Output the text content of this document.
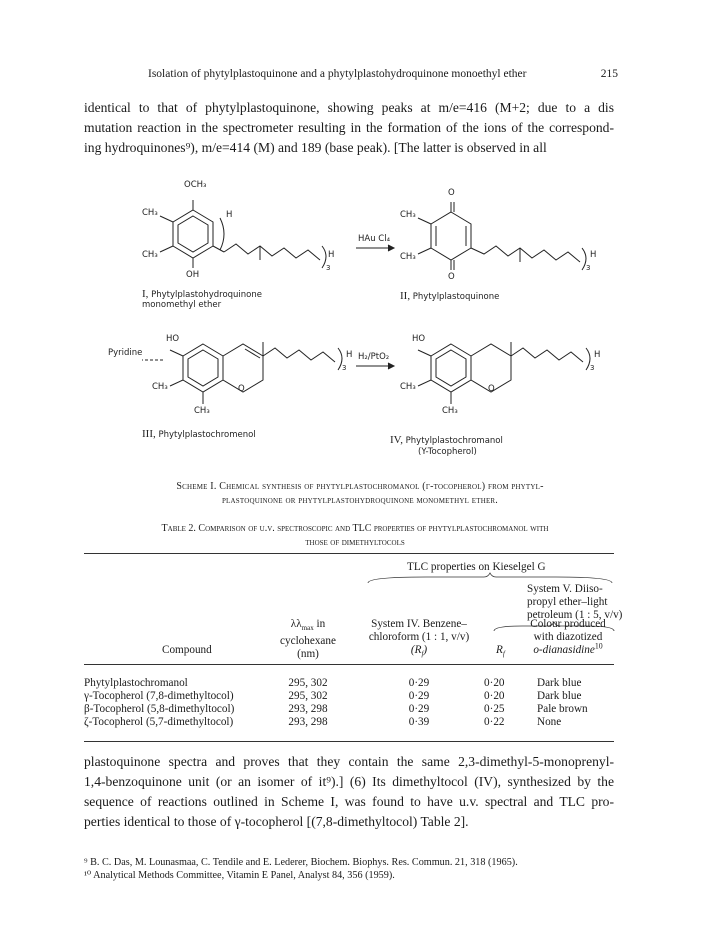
Isolation of phytylplastoquinone and a phytylplastohydroquinone monoethyl ether	215
identical to that of phytylplastoquinone, showing peaks at m/e=416 (M+2; due to a dis
mutation reaction in the spectrometer resulting in the formation of the ions of the correspond-
ing hydroquinones⁹), m/e=414 (M) and 189 (base peak). [The latter is observed in all
OCH₃
CH₃
CH₃
OH
H
H
3
HAu Cl₄
O
O
CH₃
CH₃	H
3
I, Phytylplastohydroquinone
monomethyl ether
II, Phytylplastoquinone
Pyridine
HO
CH₃
CH₃
O
H
3
H₂/PtO₂
HO
CH₃
CH₃
O
H
3
III, Phytylplastochromenol	IV, Phytylplastochromanol
(Y-Tocopherol)
Scheme I. Chemical synthesis of phytylplastochromanol (γ-tocopherol) from phytyl-
plastoquinone or phytylplastohydroquinone monomethyl ether.
Table 2. Comparison of u.v. spectroscopic and TLC properties of phytylplastochromanol with
those of dimethyltocols
TLC properties on Kieselgel G
System V. Diiso-
propyl ether–light
petroleum (1 : 5, v/v)
$\lambda\lambda_{max}$ in
cyclohexane
(nm)
System IV. Benzene–
chloroform (1 : 1, v/v)
$(R_f)$
Compound	$R_f$
Colour produced
with diazotized
o-dianasidine$^{10}$
Phytylplastochromanol	295, 302	0·29	0·20	Dark blue
γ-Tocopherol (7,8-dimethyltocol)	295, 302	0·29	0·20	Dark blue
β-Tocopherol (5,8-dimethyltocol)	293, 298	0·29	0·25	Pale brown
ζ-Tocopherol (5,7-dimethyltocol)	293, 298	0·39	0·22	None
plastoquinone spectra and proves that they contain the same 2,3-dimethyl-5-monoprenyl-
1,4-benzoquinone unit (or an isomer of it⁹).] (6) Its dimethyltocol (IV), synthesized by the
sequence of reactions outlined in Scheme I, was found to have u.v. spectral and TLC pro-
perties identical to those of γ-tocopherol [(7,8-dimethyltocol) Table 2].
⁹ B. C. Das, M. Lounasmaa, C. Tendile and E. Lederer, Biochem. Biophys. Res. Commun. 21, 318 (1965).
¹⁰ Analytical Methods Committee, Vitamin E Panel, Analyst 84, 356 (1959).
